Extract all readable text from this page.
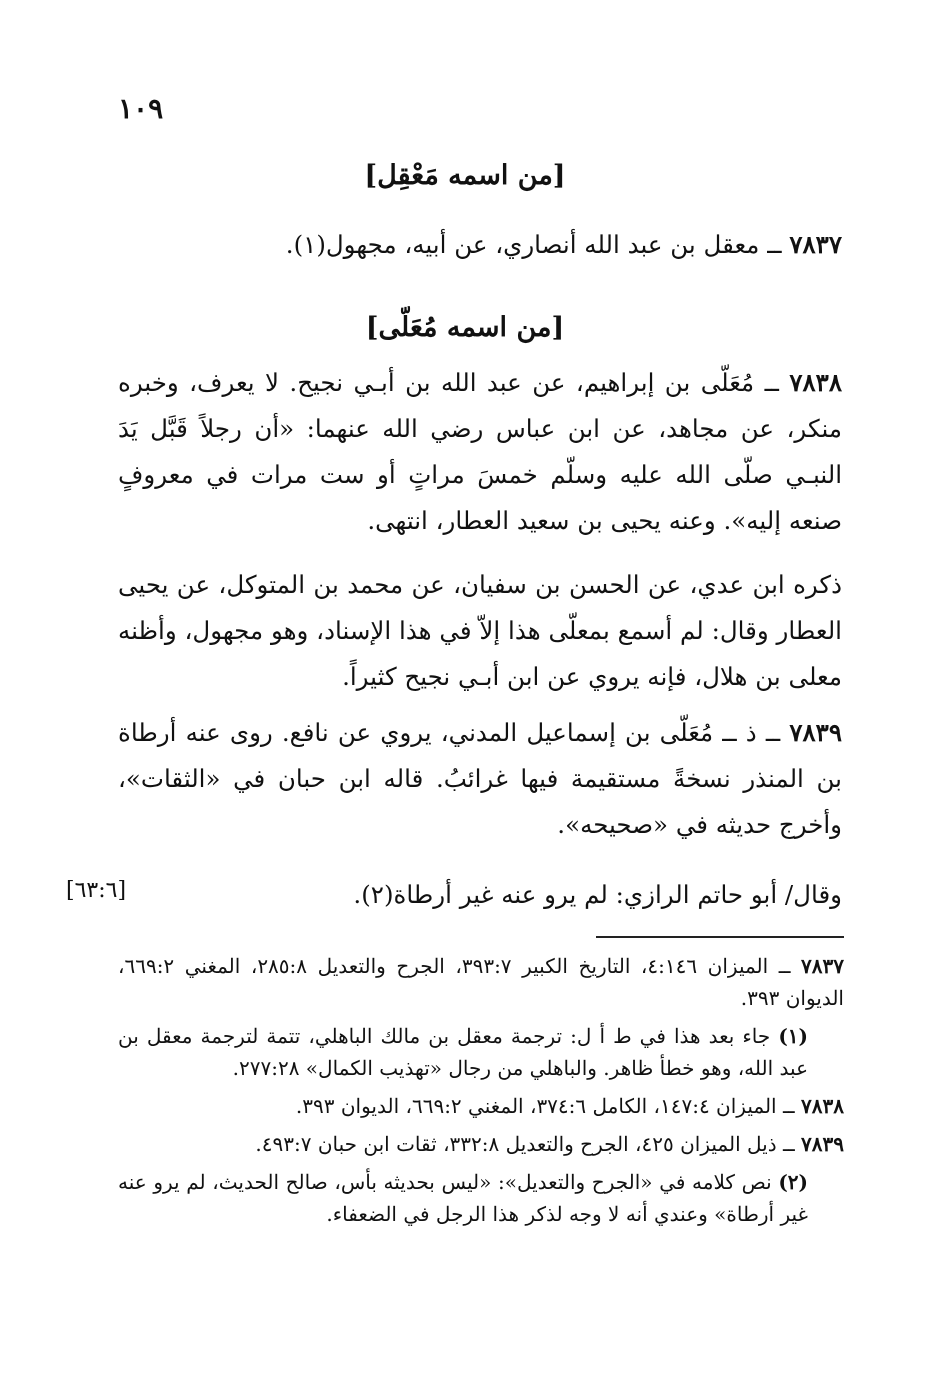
١٠٩
[من اسمه مَعْقِل]

٧٨٣٧ ــ معقل بن عبد الله أنصاري، عن أبيه، مجهول(١).

[من اسمه مُعَلّى]

٧٨٣٨ ــ مُعَلّى بن إبراهيم، عن عبد الله بن أبـي نجيح. لا يعرف، وخبره منكر، عن مجاهد، عن ابن عباس رضي الله عنهما: «أن رجلاً قَبَّل يَدَ النبـي صلّى الله عليه وسلّم خمسَ مراتٍ أو ست مرات في معروفٍ صنعه إليه». وعنه يحيى بن سعيد العطار، انتهى.

ذكره ابن عدي، عن الحسن بن سفيان، عن محمد بن المتوكل، عن يحيى العطار وقال: لم أسمع بمعلّى هذا إلاّ في هذا الإسناد، وهو مجهول، وأظنه معلى بن هلال، فإنه يروي عن ابن أبـي نجيح كثيراً.

٧٨٣٩ ــ ذ ــ مُعَلّى بن إسماعيل المدني، يروي عن نافع. روى عنه أرطاة بن المنذر نسخةً مستقيمة فيها غرائبُ. قاله ابن حبان في «الثقات»، وأخرج حديثه في «صحيحه».

وقال/ أبو حاتم الرازي: لم يرو عنه غير أرطاة(٢).

[٦٣:٦]

٧٨٣٧ ــ الميزان ٤:١٤٦، التاريخ الكبير ٣٩٣:٧، الجرح والتعديل ٢٨٥:٨، المغني ٦٦٩:٢، الديوان ٣٩٣.

(١) جاء بعد هذا في ط أ ل: ترجمة معقل بن مالك الباهلي، تتمة لترجمة معقل بن عبد الله، وهو خطأ ظاهر. والباهلي من رجال «تهذيب الكمال» ٢٧٧:٢٨.

٧٨٣٨ ــ الميزان ١٤٧:٤، الكامل ٣٧٤:٦، المغني ٦٦٩:٢، الديوان ٣٩٣.

٧٨٣٩ ــ ذيل الميزان ٤٢٥، الجرح والتعديل ٣٣٢:٨، ثقات ابن حبان ٤٩٣:٧.

(٢) نص كلامه في «الجرح والتعديل»: «ليس بحديثه بأس، صالح الحديث، لم يرو عنه غير أرطاة» وعندي أنه لا وجه لذكر هذا الرجل في الضعفاء.
